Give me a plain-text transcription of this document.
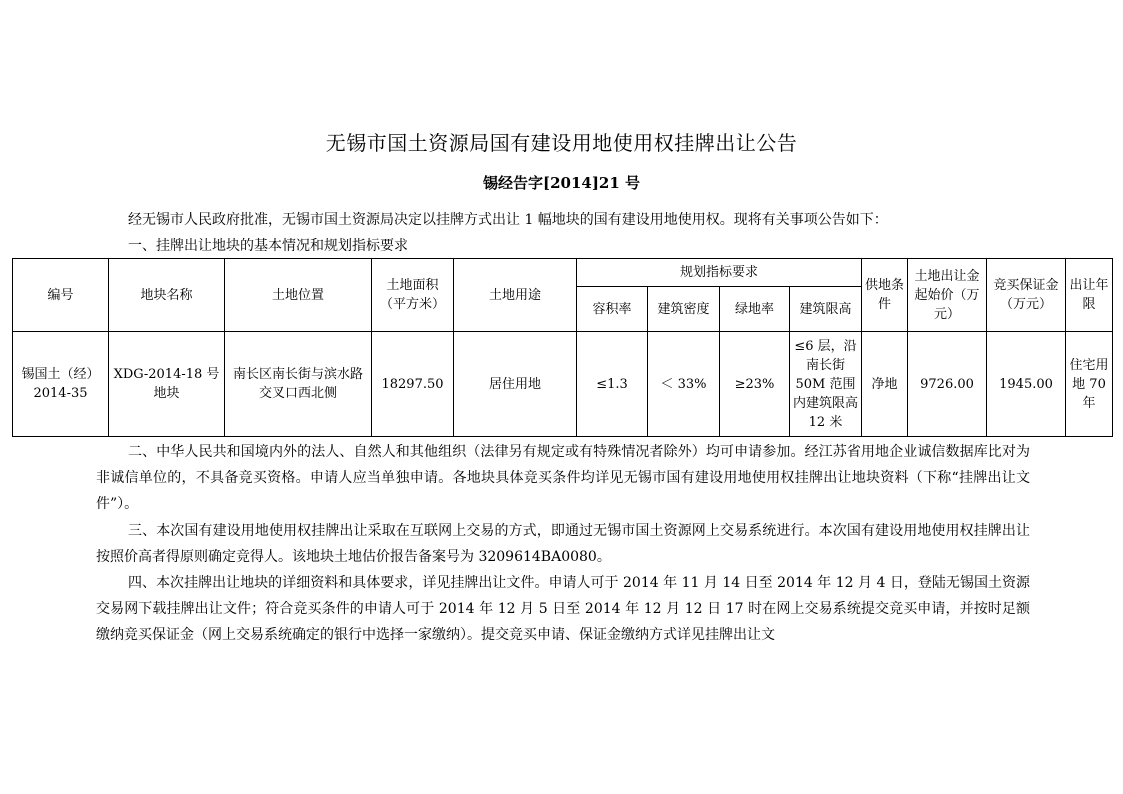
无锡市国土资源局国有建设用地使用权挂牌出让公告
锡经告字[2014]21 号
经无锡市人民政府批准，无锡市国土资源局决定以挂牌方式出让 1 幅地块的国有建设用地使用权。现将有关事项公告如下：
一、挂牌出让地块的基本情况和规划指标要求
编号	地块名称	土地位置	土地面积（平方米）	土地用途	规划指标要求				供地条件	土地出让金起始价（万元）	竞买保证金（万元）	出让年限
					容积率	建筑密度	绿地率	建筑限高				
锡国土（经）2014-35	XDG-2014-18 号地块	南长区南长街与滨水路交叉口西北侧	18297.50	居住用地	≤1.3	＜ 33%	≥23%	≤6 层，沿南长街 50M 范围内建筑限高 12 米	净地	9726.00	1945.00	住宅用地 70 年
二、中华人民共和国境内外的法人、自然人和其他组织（法律另有规定或有特殊情况者除外）均可申请参加。经江苏省用地企业诚信数据库比对为非诚信单位的，不具备竞买资格。申请人应当单独申请。各地块具体竞买条件均详见无锡市国有建设用地使用权挂牌出让地块资料（下称“挂牌出让文件”）。
三、本次国有建设用地使用权挂牌出让采取在互联网上交易的方式，即通过无锡市国土资源网上交易系统进行。本次国有建设用地使用权挂牌出让按照价高者得原则确定竞得人。该地块土地估价报告备案号为 3209614BA0080。
四、本次挂牌出让地块的详细资料和具体要求，详见挂牌出让文件。申请人可于 2014 年 11 月 14 日至 2014 年 12 月 4 日，登陆无锡国土资源交易网下载挂牌出让文件；符合竞买条件的申请人可于 2014 年 12 月 5 日至 2014 年 12 月 12 日 17 时在网上交易系统提交竞买申请，并按时足额缴纳竞买保证金（网上交易系统确定的银行中选择一家缴纳）。提交竞买申请、保证金缴纳方式详见挂牌出让文
